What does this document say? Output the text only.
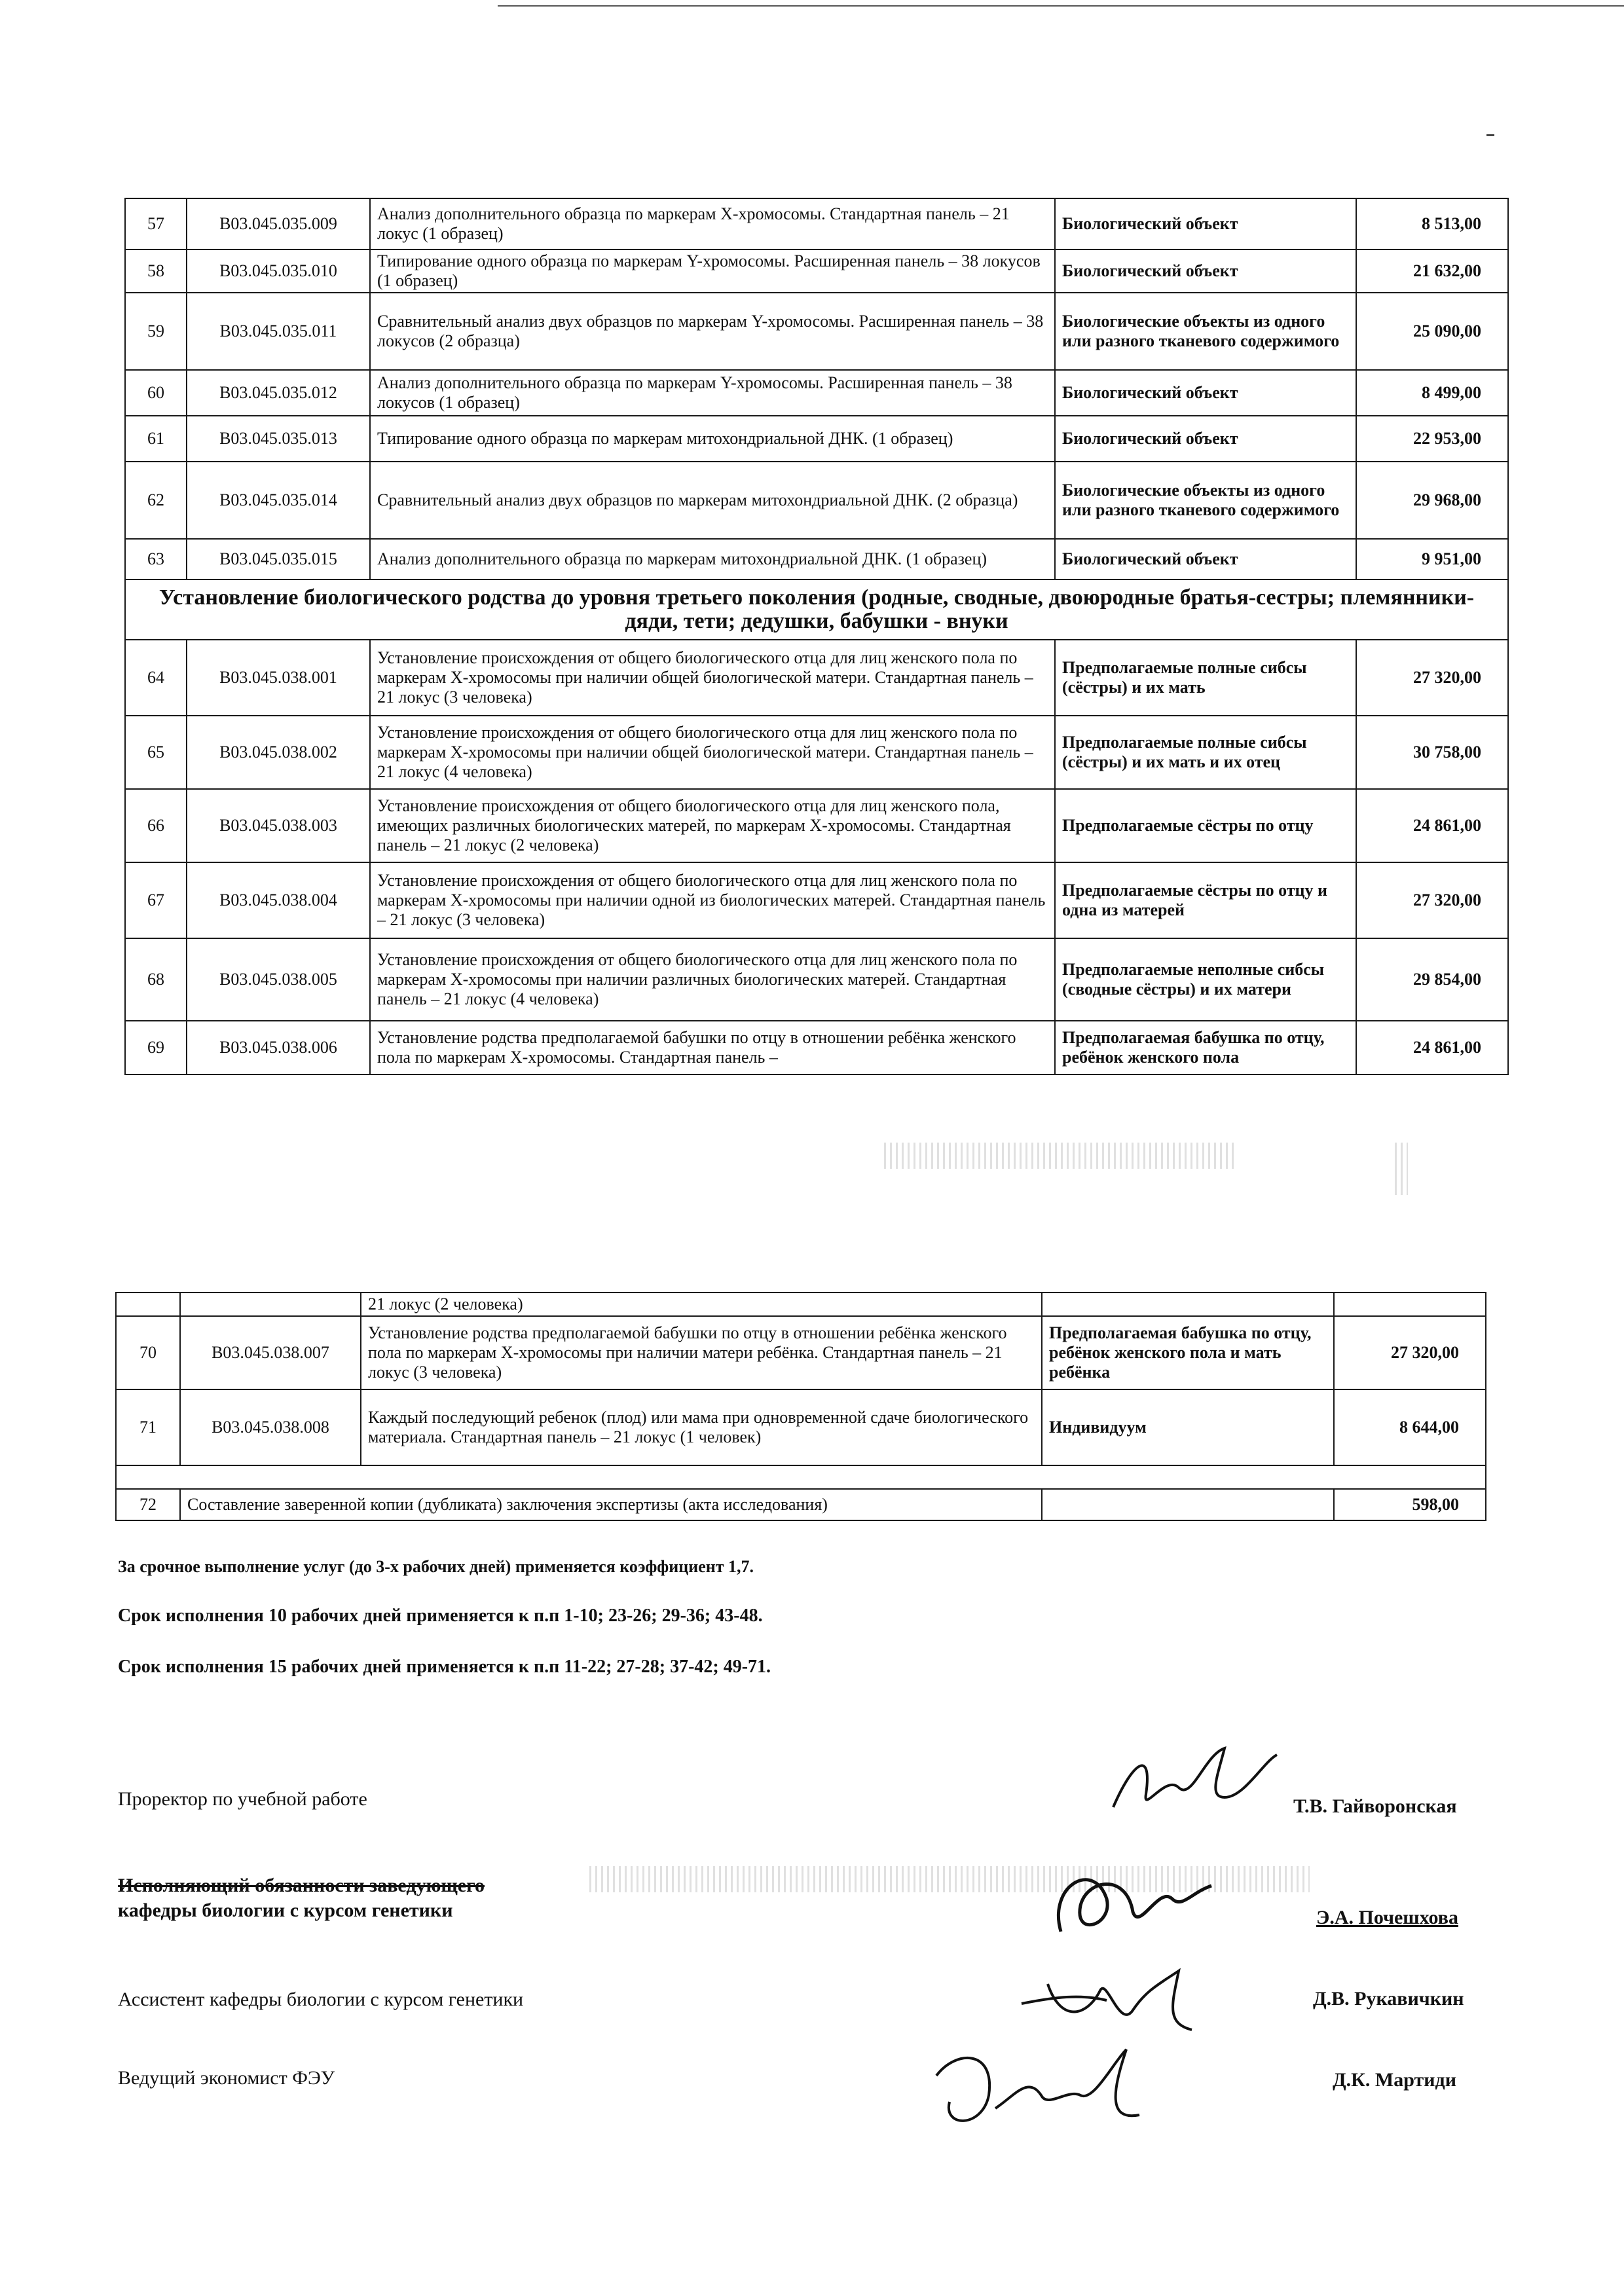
57	В03.045.035.009	Анализ дополнительного образца по маркерам Х-хромосомы. Стандартная панель – 21 локус (1 образец)	Биологический объект	8 513,00
58	В03.045.035.010	Типирование одного образца по маркерам Y-хромосомы. Расширенная панель – 38 локусов (1 образец)	Биологический объект	21 632,00
59	В03.045.035.011	Сравнительный анализ двух образцов по маркерам Y-хромосомы. Расширенная панель – 38 локусов (2 образца)	Биологические объекты из одного или разного тканевого содержимого	25 090,00
60	В03.045.035.012	Анализ дополнительного образца по маркерам Y-хромосомы. Расширенная панель – 38 локусов (1 образец)	Биологический объект	8 499,00
61	В03.045.035.013	Типирование одного образца по маркерам митохондриальной ДНК. (1 образец)	Биологический объект	22 953,00
62	В03.045.035.014	Сравнительный анализ двух образцов по маркерам митохондриальной ДНК. (2 образца)	Биологические объекты из одного или разного тканевого содержимого	29 968,00
63	В03.045.035.015	Анализ дополнительного образца по маркерам митохондриальной ДНК. (1 образец)	Биологический объект	9 951,00
Установление биологического родства до уровня третьего поколения (родные, сводные, двоюродные братья-сестры; племянники-дяди, тети; дедушки, бабушки - внуки				
64	В03.045.038.001	Установление происхождения от общего биологического отца для лиц женского пола по маркерам Х-хромосомы при наличии общей биологической матери. Стандартная панель – 21 локус (3 человека)	Предполагаемые полные сибсы (сёстры) и их мать	27 320,00
65	В03.045.038.002	Установление происхождения от общего биологического отца для лиц женского пола по маркерам Х-хромосомы при наличии общей биологической матери. Стандартная панель – 21 локус (4 человека)	Предполагаемые полные сибсы (сёстры) и их мать и их отец	30 758,00
66	В03.045.038.003	Установление происхождения от общего биологического отца для лиц женского пола, имеющих различных биологических матерей, по маркерам Х-хромосомы. Стандартная панель – 21 локус (2 человека)	Предполагаемые сёстры по отцу	24 861,00
67	В03.045.038.004	Установление происхождения от общего биологического отца для лиц женского пола по маркерам Х-хромосомы при наличии одной из биологических матерей. Стандартная панель – 21 локус (3 человека)	Предполагаемые сёстры по отцу и одна из матерей	27 320,00
68	В03.045.038.005	Установление происхождения от общего биологического отца для лиц женского пола по маркерам Х-хромосомы при наличии различных биологических матерей. Стандартная панель – 21 локус (4 человека)	Предполагаемые неполные сибсы (сводные сёстры) и их матери	29 854,00
69	В03.045.038.006	Установление родства предполагаемой бабушки по отцу в отношении ребёнка женского пола по маркерам Х-хромосомы. Стандартная панель –	Предполагаемая бабушка по отцу, ребёнок женского пола	24 861,00
		21 локус (2 человека)		
70	В03.045.038.007	Установление родства предполагаемой бабушки по отцу в отношении ребёнка женского пола по маркерам Х-хромосомы при наличии матери ребёнка. Стандартная панель – 21 локус (3 человека)	Предполагаемая бабушка по отцу, ребёнок женского пола и мать ребёнка	27 320,00
71	В03.045.038.008	Каждый последующий ребенок (плод) или мама при одновременной сдаче биологического материала. Стандартная панель – 21 локус (1 человек)	Индивидуум	8 644,00

72	Составление заверенной копии (дубликата) заключения экспертизы (акта исследования)			598,00

За срочное выполнение услуг (до 3-х рабочих дней) применяется коэффициент 1,7.

Срок исполнения 10 рабочих дней применяется к п.п 1-10; 23-26; 29-36; 43-48.

Срок исполнения 15 рабочих дней применяется к п.п 11-22; 27-28; 37-42; 49-71.

Проректор по учебной работе	Т.В. Гайворонская

Исполняющий обязанности заведующего

кафедры биологии с курсом генетики	Э.А. Почешхова

Ассистент кафедры биологии с курсом генетики	Д.В. Рукавичкин

Ведущий экономист ФЭУ	Д.К. Мартиди
